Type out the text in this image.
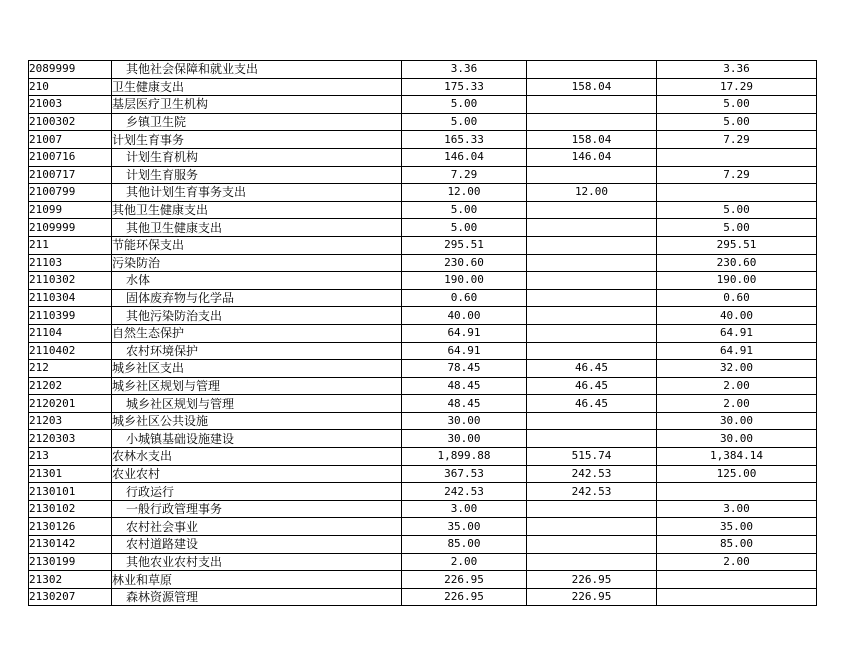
2089999	其他社会保障和就业支出	3.36		3.36
210	卫生健康支出	175.33	158.04	17.29
21003	基层医疗卫生机构	5.00		5.00
2100302	乡镇卫生院	5.00		5.00
21007	计划生育事务	165.33	158.04	7.29
2100716	计划生育机构	146.04	146.04	
2100717	计划生育服务	7.29		7.29
2100799	其他计划生育事务支出	12.00	12.00	
21099	其他卫生健康支出	5.00		5.00
2109999	其他卫生健康支出	5.00		5.00
211	节能环保支出	295.51		295.51
21103	污染防治	230.60		230.60
2110302	水体	190.00		190.00
2110304	固体废弃物与化学品	0.60		0.60
2110399	其他污染防治支出	40.00		40.00
21104	自然生态保护	64.91		64.91
2110402	农村环境保护	64.91		64.91
212	城乡社区支出	78.45	46.45	32.00
21202	城乡社区规划与管理	48.45	46.45	2.00
2120201	城乡社区规划与管理	48.45	46.45	2.00
21203	城乡社区公共设施	30.00		30.00
2120303	小城镇基础设施建设	30.00		30.00
213	农林水支出	1,899.88	515.74	1,384.14
21301	农业农村	367.53	242.53	125.00
2130101	行政运行	242.53	242.53	
2130102	一般行政管理事务	3.00		3.00
2130126	农村社会事业	35.00		35.00
2130142	农村道路建设	85.00		85.00
2130199	其他农业农村支出	2.00		2.00
21302	林业和草原	226.95	226.95	
2130207	森林资源管理	226.95	226.95	
